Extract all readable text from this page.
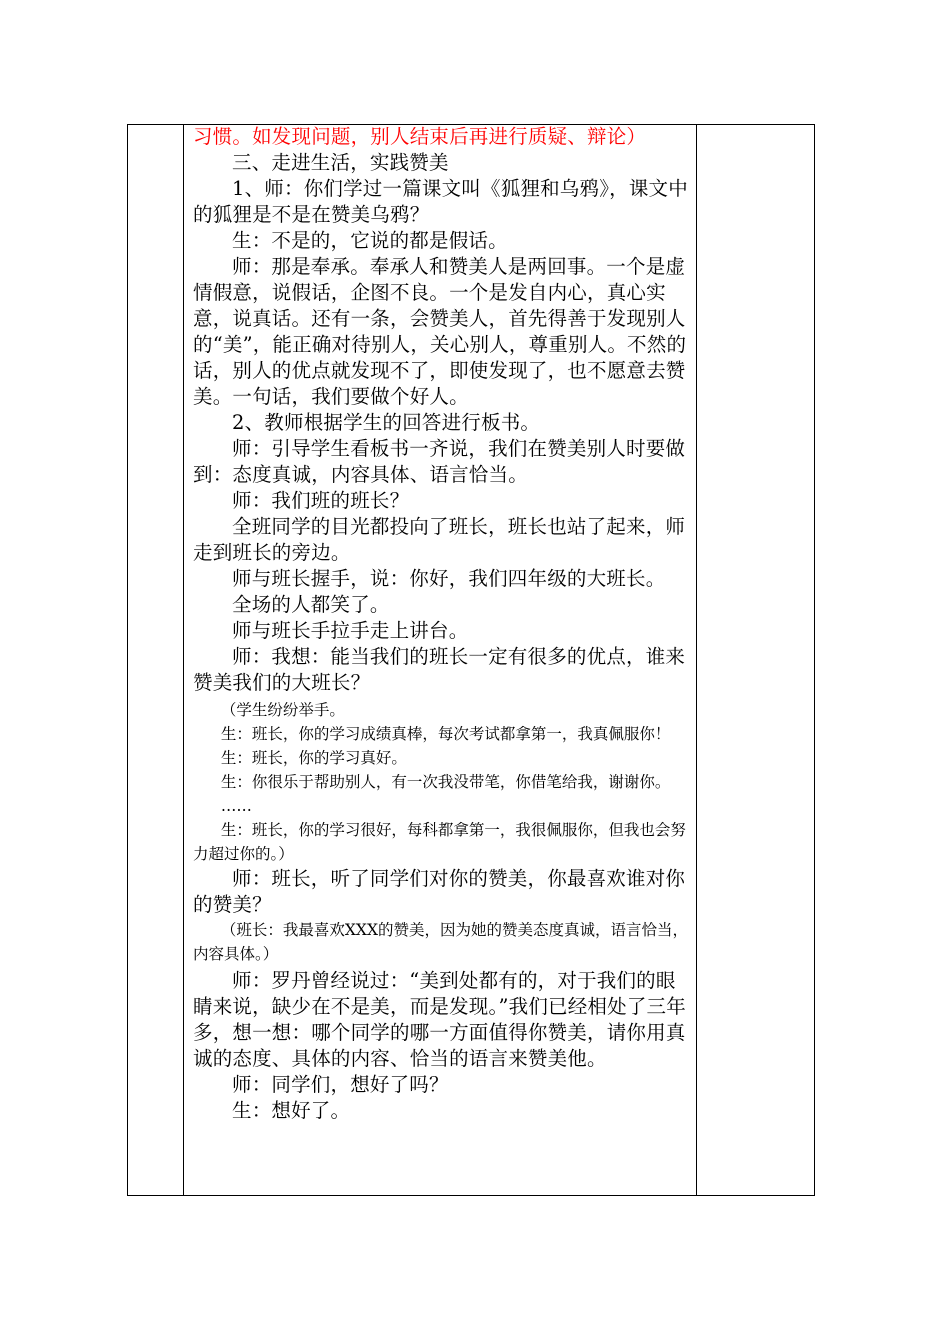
习惯。如发现问题，别人结束后再进行质疑、辩论）

三、走进生活，实践赞美

1、师：你们学过一篇课文叫《狐狸和乌鸦》，课文中的狐狸是不是在赞美乌鸦？

生：不是的，它说的都是假话。

师：那是奉承。奉承人和赞美人是两回事。一个是虚情假意，说假话，企图不良。一个是发自内心，真心实意，说真话。还有一条，会赞美人，首先得善于发现别人的“美”，能正确对待别人，关心别人，尊重别人。不然的话，别人的优点就发现不了，即使发现了，也不愿意去赞美。一句话，我们要做个好人。

2、教师根据学生的回答进行板书。

师：引导学生看板书一齐说，我们在赞美别人时要做到：态度真诚，内容具体、语言恰当。

师：我们班的班长？

全班同学的目光都投向了班长，班长也站了起来，师走到班长的旁边。

师与班长握手，说：你好，我们四年级的大班长。

全场的人都笑了。

师与班长手拉手走上讲台。

师：我想：能当我们的班长一定有很多的优点，谁来赞美我们的大班长？

（学生纷纷举手。

生：班长，你的学习成绩真棒，每次考试都拿第一，我真佩服你！

生：班长，你的学习真好。

生：你很乐于帮助别人，有一次我没带笔，你借笔给我，谢谢你。

……

生：班长，你的学习很好，每科都拿第一，我很佩服你，但我也会努力超过你的。）

师：班长，听了同学们对你的赞美，你最喜欢谁对你的赞美？

（班长：我最喜欢XXX的赞美，因为她的赞美态度真诚，语言恰当，内容具体。）

师：罗丹曾经说过：“美到处都有的，对于我们的眼睛来说，缺少在不是美，而是发现。”我们已经相处了三年多，想一想：哪个同学的哪一方面值得你赞美，请你用真诚的态度、具体的内容、恰当的语言来赞美他。

师：同学们，想好了吗？

生：想好了。
